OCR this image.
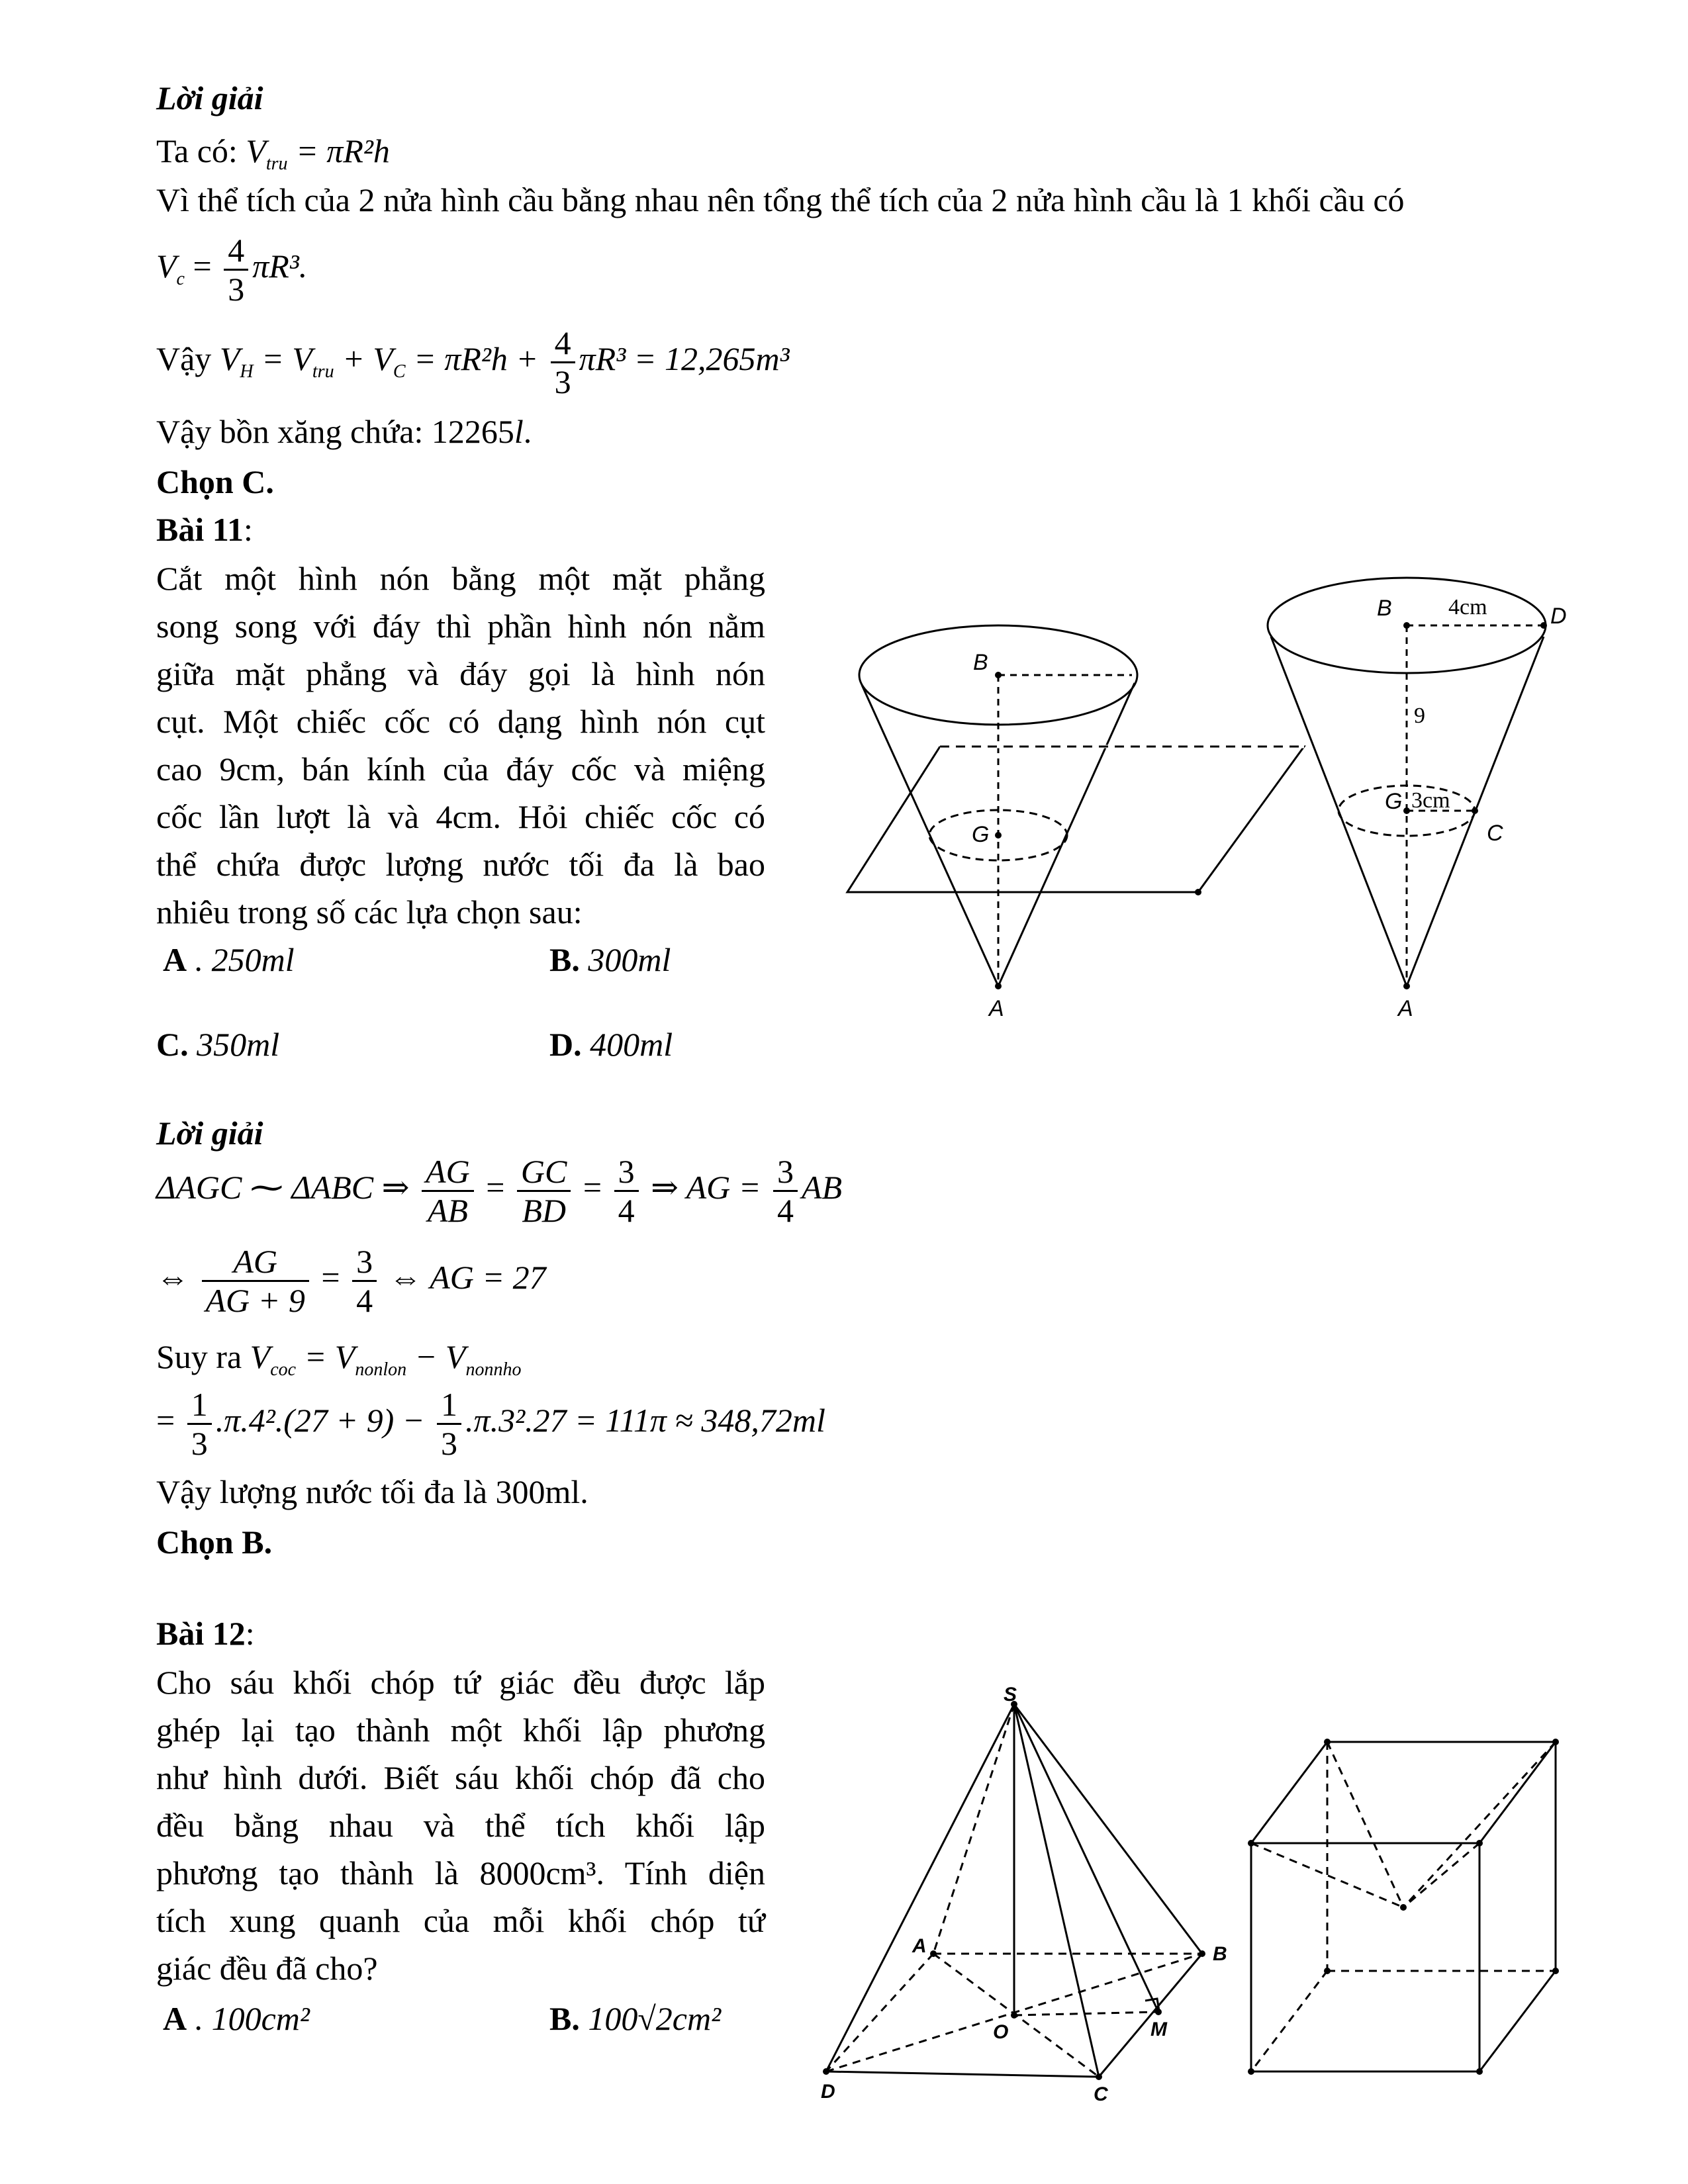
Lời giải
Ta có: $V_{tru} = \pi R^2h$
Vì thể tích của 2 nửa hình cầu bằng nhau nên tổng thể tích của 2 nửa hình cầu là 1 khối cầu có
$V_c = \frac{4}{3} \pi R^3$.
Vậy $V_H = V_{tru} + V_C = \pi R^2h + \frac{4}{3} \pi R^3 = 12,265m^3$
Vậy bồn xăng chứa: 12265l.
Chọn C.
Bài 11:

Cắt một hình nón bằng một mặt phẳng

song song với đáy thì phần hình nón nằm

giữa mặt phẳng và đáy gọi là hình nón

cụt. Một chiếc cốc có dạng hình nón cụt

cao 9cm, bán kính của đáy cốc và miệng

cốc lần lượt là và 4cm. Hỏi chiếc cốc có

thể chứa được lượng nước tối đa là bao

nhiêu trong số các lựa chọn sau:

A . 250ml	B. 300ml
C. 350ml	D. 400ml
B
G
A
B	4cm	D
9
G 3cm
C
A
Lời giải
ΔAGC ⁓ ΔABC ⇒ $\frac{AG}{AB} = \frac{GC}{BD} = \frac{3}{4}$ ⇒ AG = $\frac{3}{4}$ AB
⇔ $\frac{AG}{AG + 9} = \frac{3}{4}$ ⇔ AG = 27
Suy ra $V_{coc} = V_{nonlon} - V_{nonnho}$
= $\frac{1}{3} .\pi.4^2.(27 + 9) - \frac{1}{3} .\pi.3^2.27 = 111\pi \approx 348,72ml$
Vậy lượng nước tối đa là 300ml.
Chọn B.
Bài 12:

Cho sáu khối chóp tứ giác đều được lắp

ghép lại tạo thành một khối lập phương

như hình dưới. Biết sáu khối chóp đã cho

đều bằng nhau và thể tích khối lập

phương tạo thành là 8000cm³. Tính diện

tích xung quanh của mỗi khối chóp tứ

giác đều đã cho?

A . 100cm²	B. 100√2cm²
S
A	B
O	M
D	C
